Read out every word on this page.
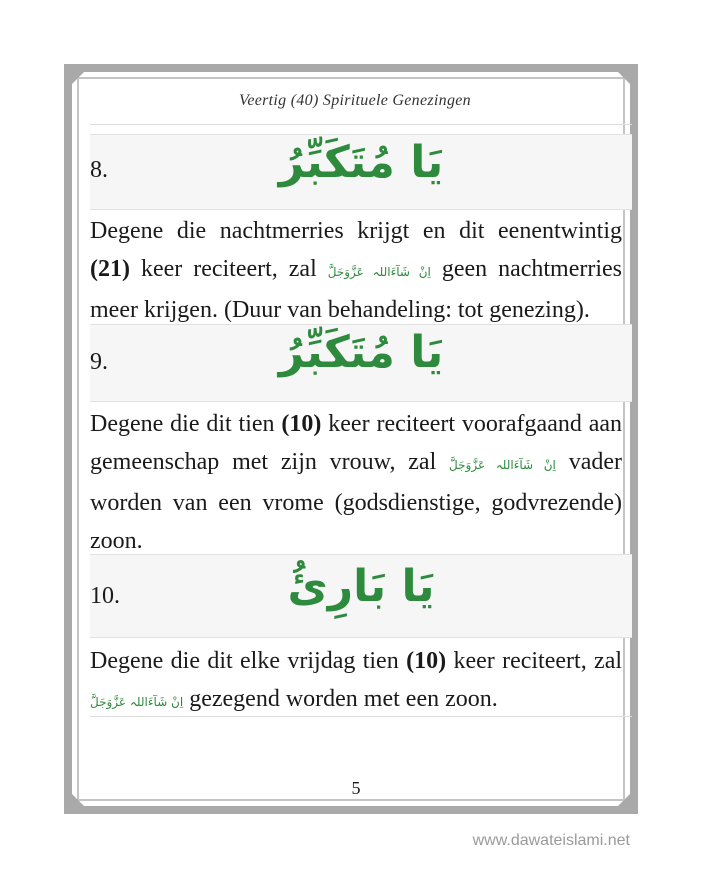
Veertig (40) Spirituele Genezingen
8.	يَا مُتَكَبِّرُ
Degene die nachtmerries krijgt en dit eenentwintig (21) keer reciteert, zal اِنْ شَآءَاللہ عَزَّوَجَلَّ geen nachtmerries meer krijgen. (Duur van behandeling: tot genezing).
9.	يَا مُتَكَبِّرُ
Degene die dit tien (10) keer reciteert voorafgaand aan gemeenschap met zijn vrouw, zal اِنْ شَآءَاللہ عَزَّوَجَلَّ vader worden van een vrome (godsdienstige, godvrezende) zoon.
10.	يَا بَارِئُ
Degene die dit elke vrijdag tien (10) keer reciteert, zal اِنْ شَآءَاللہ عَزَّوَجَلَّ gezegend worden met een zoon.
5
www.dawateislami.net
